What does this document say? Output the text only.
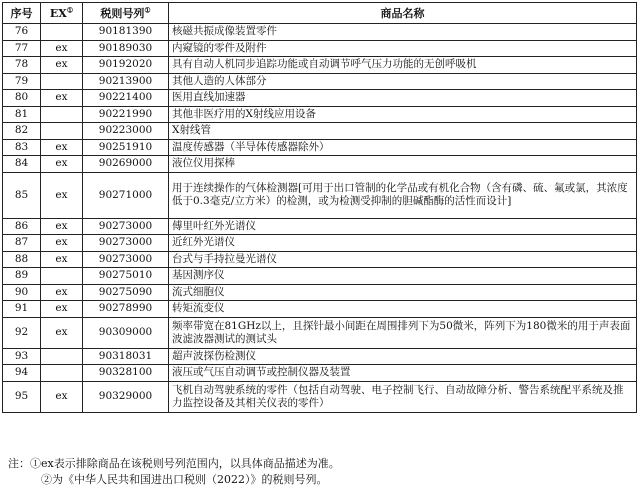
序号	EX①	税则号列①	商品名称
76		90181390	核磁共振成像装置零件
77	ex	90189030	内窥镜的零件及附件
78	ex	90192020	具有自动人机同步追踪功能或自动调节呼气压力功能的无创呼吸机
79		90213900	其他人造的人体部分
80	ex	90221400	医用直线加速器
81		90221990	其他非医疗用的X射线应用设备
82		90223000	X射线管
83	ex	90251910	温度传感器（半导体传感器除外）
84	ex	90269000	液位仪用探棒
85	ex	90271000	用于连续操作的气体检测器[可用于出口管制的化学品或有机化合物（含有磷、硫、氟或氯，其浓度低于0.3毫克/立方米）的检测，或为检测受抑制的胆碱酯酶的活性而设计]
86	ex	90273000	傅里叶红外光谱仪
87	ex	90273000	近红外光谱仪
88	ex	90273000	台式与手持拉曼光谱仪
89		90275010	基因测序仪
90	ex	90275090	流式细胞仪
91	ex	90278990	转矩流变仪
92	ex	90309000	频率带宽在81GHz以上，且探针最小间距在周围排列下为50微米，阵列下为180微米的用于声表面波滤波器测试的测试头
93		90318031	超声波探伤检测仪
94		90328100	液压或气压自动调节或控制仪器及装置
95	ex	90329000	飞机自动驾驶系统的零件（包括自动驾驶、电子控制飞行、自动故障分析、警告系统配平系统及推力监控设备及其相关仪表的零件）
注：①ex表示排除商品在该税则号列范围内，以具体商品描述为准。
②为《中华人民共和国进出口税则（2022）》的税则号列。
